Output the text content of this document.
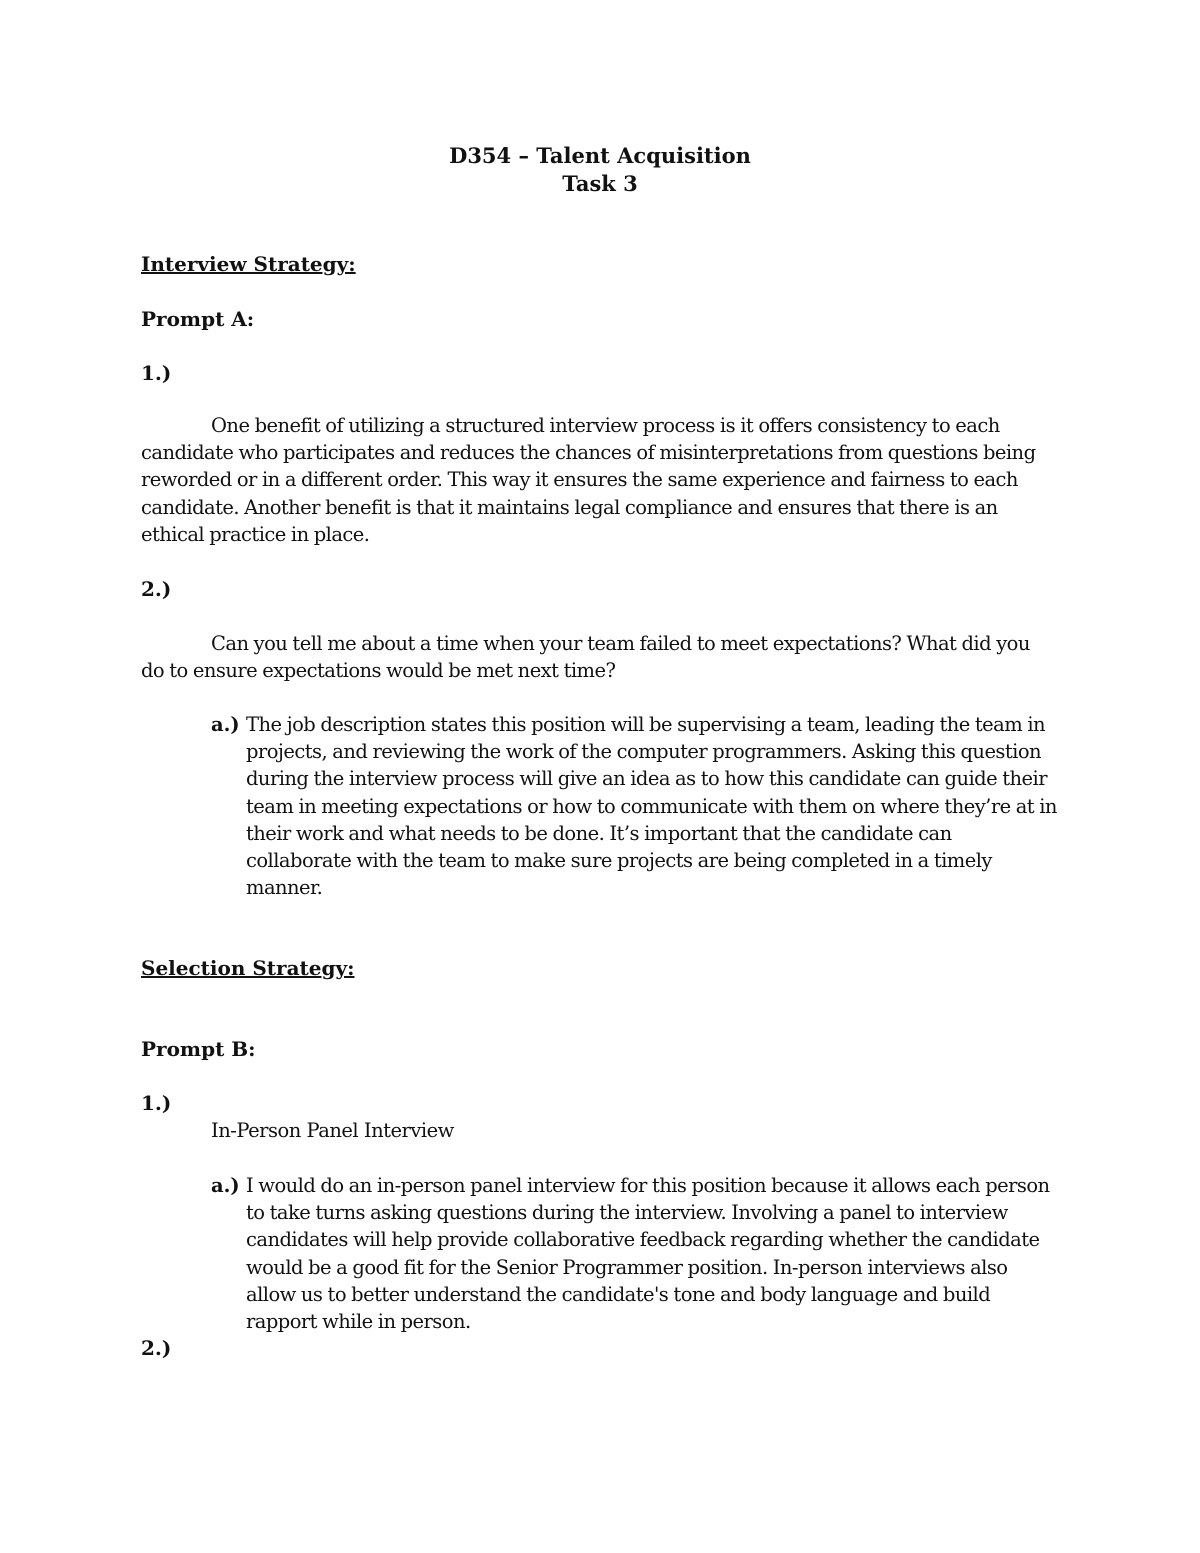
D354 – Talent Acquisition
Task 3
Interview Strategy:
Prompt A:
1.)

One benefit of utilizing a structured interview process is it offers consistency to each candidate who participates and reduces the chances of misinterpretations from questions being reworded or in a different order. This way it ensures the same experience and fairness to each candidate. Another benefit is that it maintains legal compliance and ensures that there is an ethical practice in place.

2.)

Can you tell me about a time when your team failed to meet expectations? What did you do to ensure expectations would be met next time?

a.) The job description states this position will be supervising a team, leading the team in projects, and reviewing the work of the computer programmers. Asking this question during the interview process will give an idea as to how this candidate can guide their team in meeting expectations or how to communicate with them on where they’re at in their work and what needs to be done. It’s important that the candidate can collaborate with the team to make sure projects are being completed in a timely manner.
Selection Strategy:
Prompt B:
1.)
In-Person Panel Interview
a.) I would do an in-person panel interview for this position because it allows each person to take turns asking questions during the interview. Involving a panel to interview candidates will help provide collaborative feedback regarding whether the candidate would be a good fit for the Senior Programmer position. In-person interviews also allow us to better understand the candidate's tone and body language and build rapport while in person.
2.)
